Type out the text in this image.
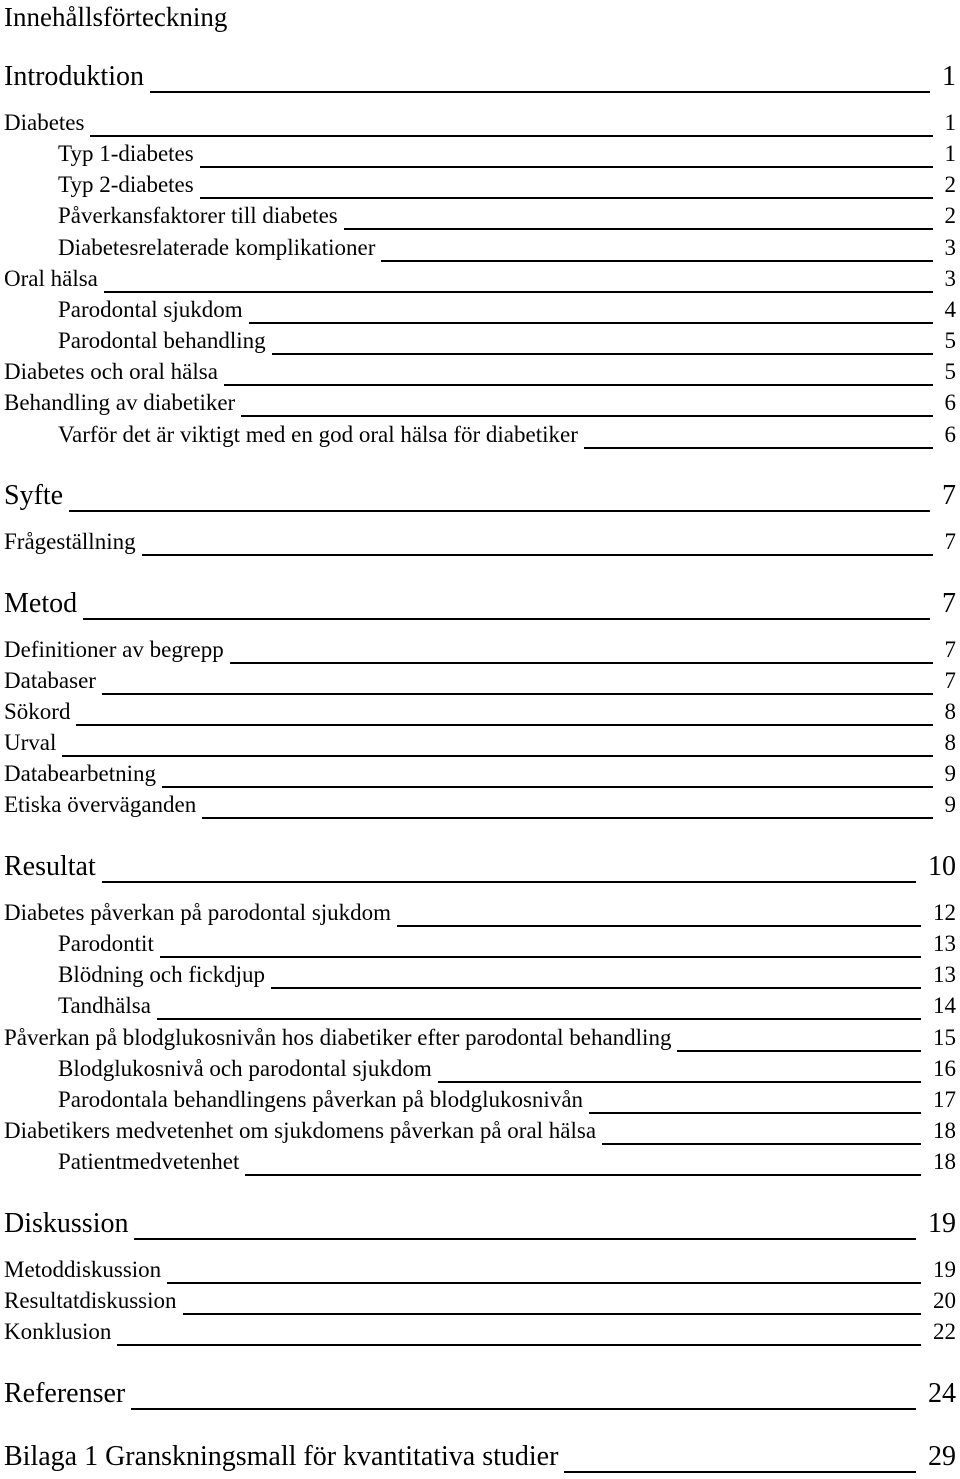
Innehållsförteckning
Introduktion	1
Diabetes	1
Typ 1-diabetes	1
Typ 2-diabetes	2
Påverkansfaktorer till diabetes	2
Diabetesrelaterade komplikationer	3
Oral hälsa	3
Parodontal sjukdom	4
Parodontal behandling	5
Diabetes och oral hälsa	5
Behandling av diabetiker	6
Varför det är viktigt med en god oral hälsa för diabetiker	6
Syfte	7
Frågeställning	7
Metod	7
Definitioner av begrepp	7
Databaser	7
Sökord	8
Urval	8
Databearbetning	9
Etiska överväganden	9
Resultat	10
Diabetes påverkan på parodontal sjukdom	12
Parodontit	13
Blödning och fickdjup	13
Tandhälsa	14
Påverkan på blodglukosnivån hos diabetiker efter parodontal behandling	15
Blodglukosnivå och parodontal sjukdom	16
Parodontala behandlingens påverkan på blodglukosnivån	17
Diabetikers medvetenhet om sjukdomens påverkan på oral hälsa	18
Patientmedvetenhet	18
Diskussion	19
Metoddiskussion	19
Resultatdiskussion	20
Konklusion	22
Referenser	24
Bilaga 1 Granskningsmall för kvantitativa studier	29
